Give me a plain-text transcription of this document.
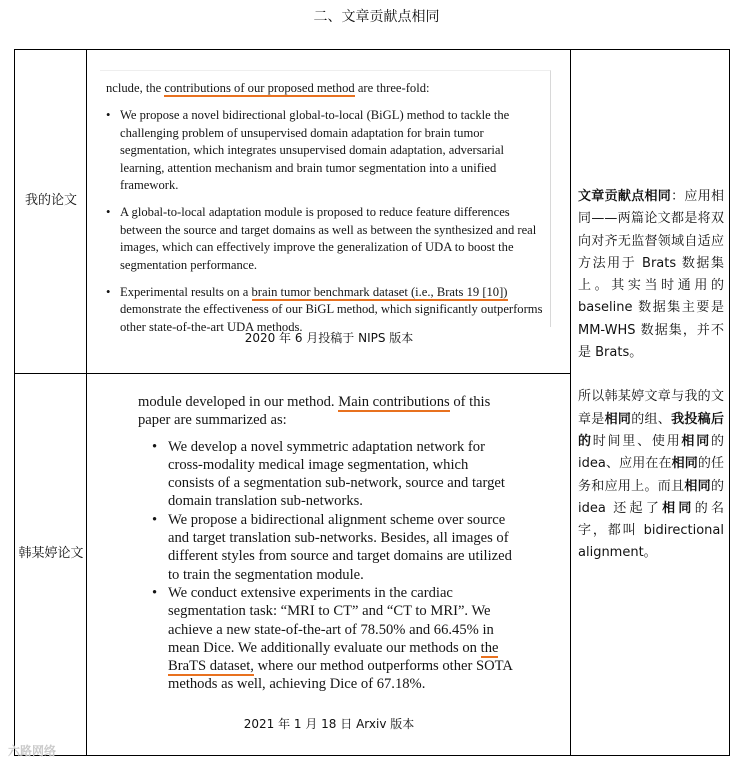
二、文章贡献点相同
我的论文
韩某婷论文

nclude, the contributions of our proposed method are three-fold:

• We propose a novel bidirectional global-to-local (BiGL) method to tackle the challenging problem of unsupervised domain adaptation for brain tumor segmentation, which integrates unsupervised domain adaptation, adversarial learning, attention mechanism and brain tumor segmentation into a unified framework.
• A global-to-local adaptation module is proposed to reduce feature differences between the source and target domains as well as between the synthesized and real images, which can effectively improve the generalization of UDA to boost the segmentation performance.
• Experimental results on a brain tumor benchmark dataset (i.e., Brats 19 [10]) demonstrate the effectiveness of our BiGL method, which significantly outperforms other state-of-the-art UDA methods.
2020 年 6 月投稿于 NIPS 版本

module developed in our method. Main contributions of this paper are summarized as:

• We develop a novel symmetric adaptation network for cross-modality medical image segmentation, which consists of a segmentation sub-network, source and target domain translation sub-networks.
• We propose a bidirectional alignment scheme over source and target translation sub-networks. Besides, all images of different styles from source and target domains are utilized to train the segmentation module.
• We conduct extensive experiments in the cardiac segmentation task: “MRI to CT” and “CT to MRI”. We achieve a new state-of-the-art of 78.50% and 66.45% in mean Dice. We additionally evaluate our methods on the BraTS dataset, where our method outperforms other SOTA methods as well, achieving Dice of 67.18%.
2021 年 1 月 18 日 Arxiv 版本

文章贡献点相同：应用相同——两篇论文都是将双向对齐无监督领域自适应方法用于 Brats 数据集上。其实当时通用的 baseline 数据集主要是 MM-WHS 数据集，并不是 Brats。

所以韩某婷文章与我的文章是相同的组、我投稿后的时间里、使用相同的 idea、应用在在相同的任务和应用上。而且相同的 idea 还起了相同的名字，都叫 bidirectional alignment。

六路网络
